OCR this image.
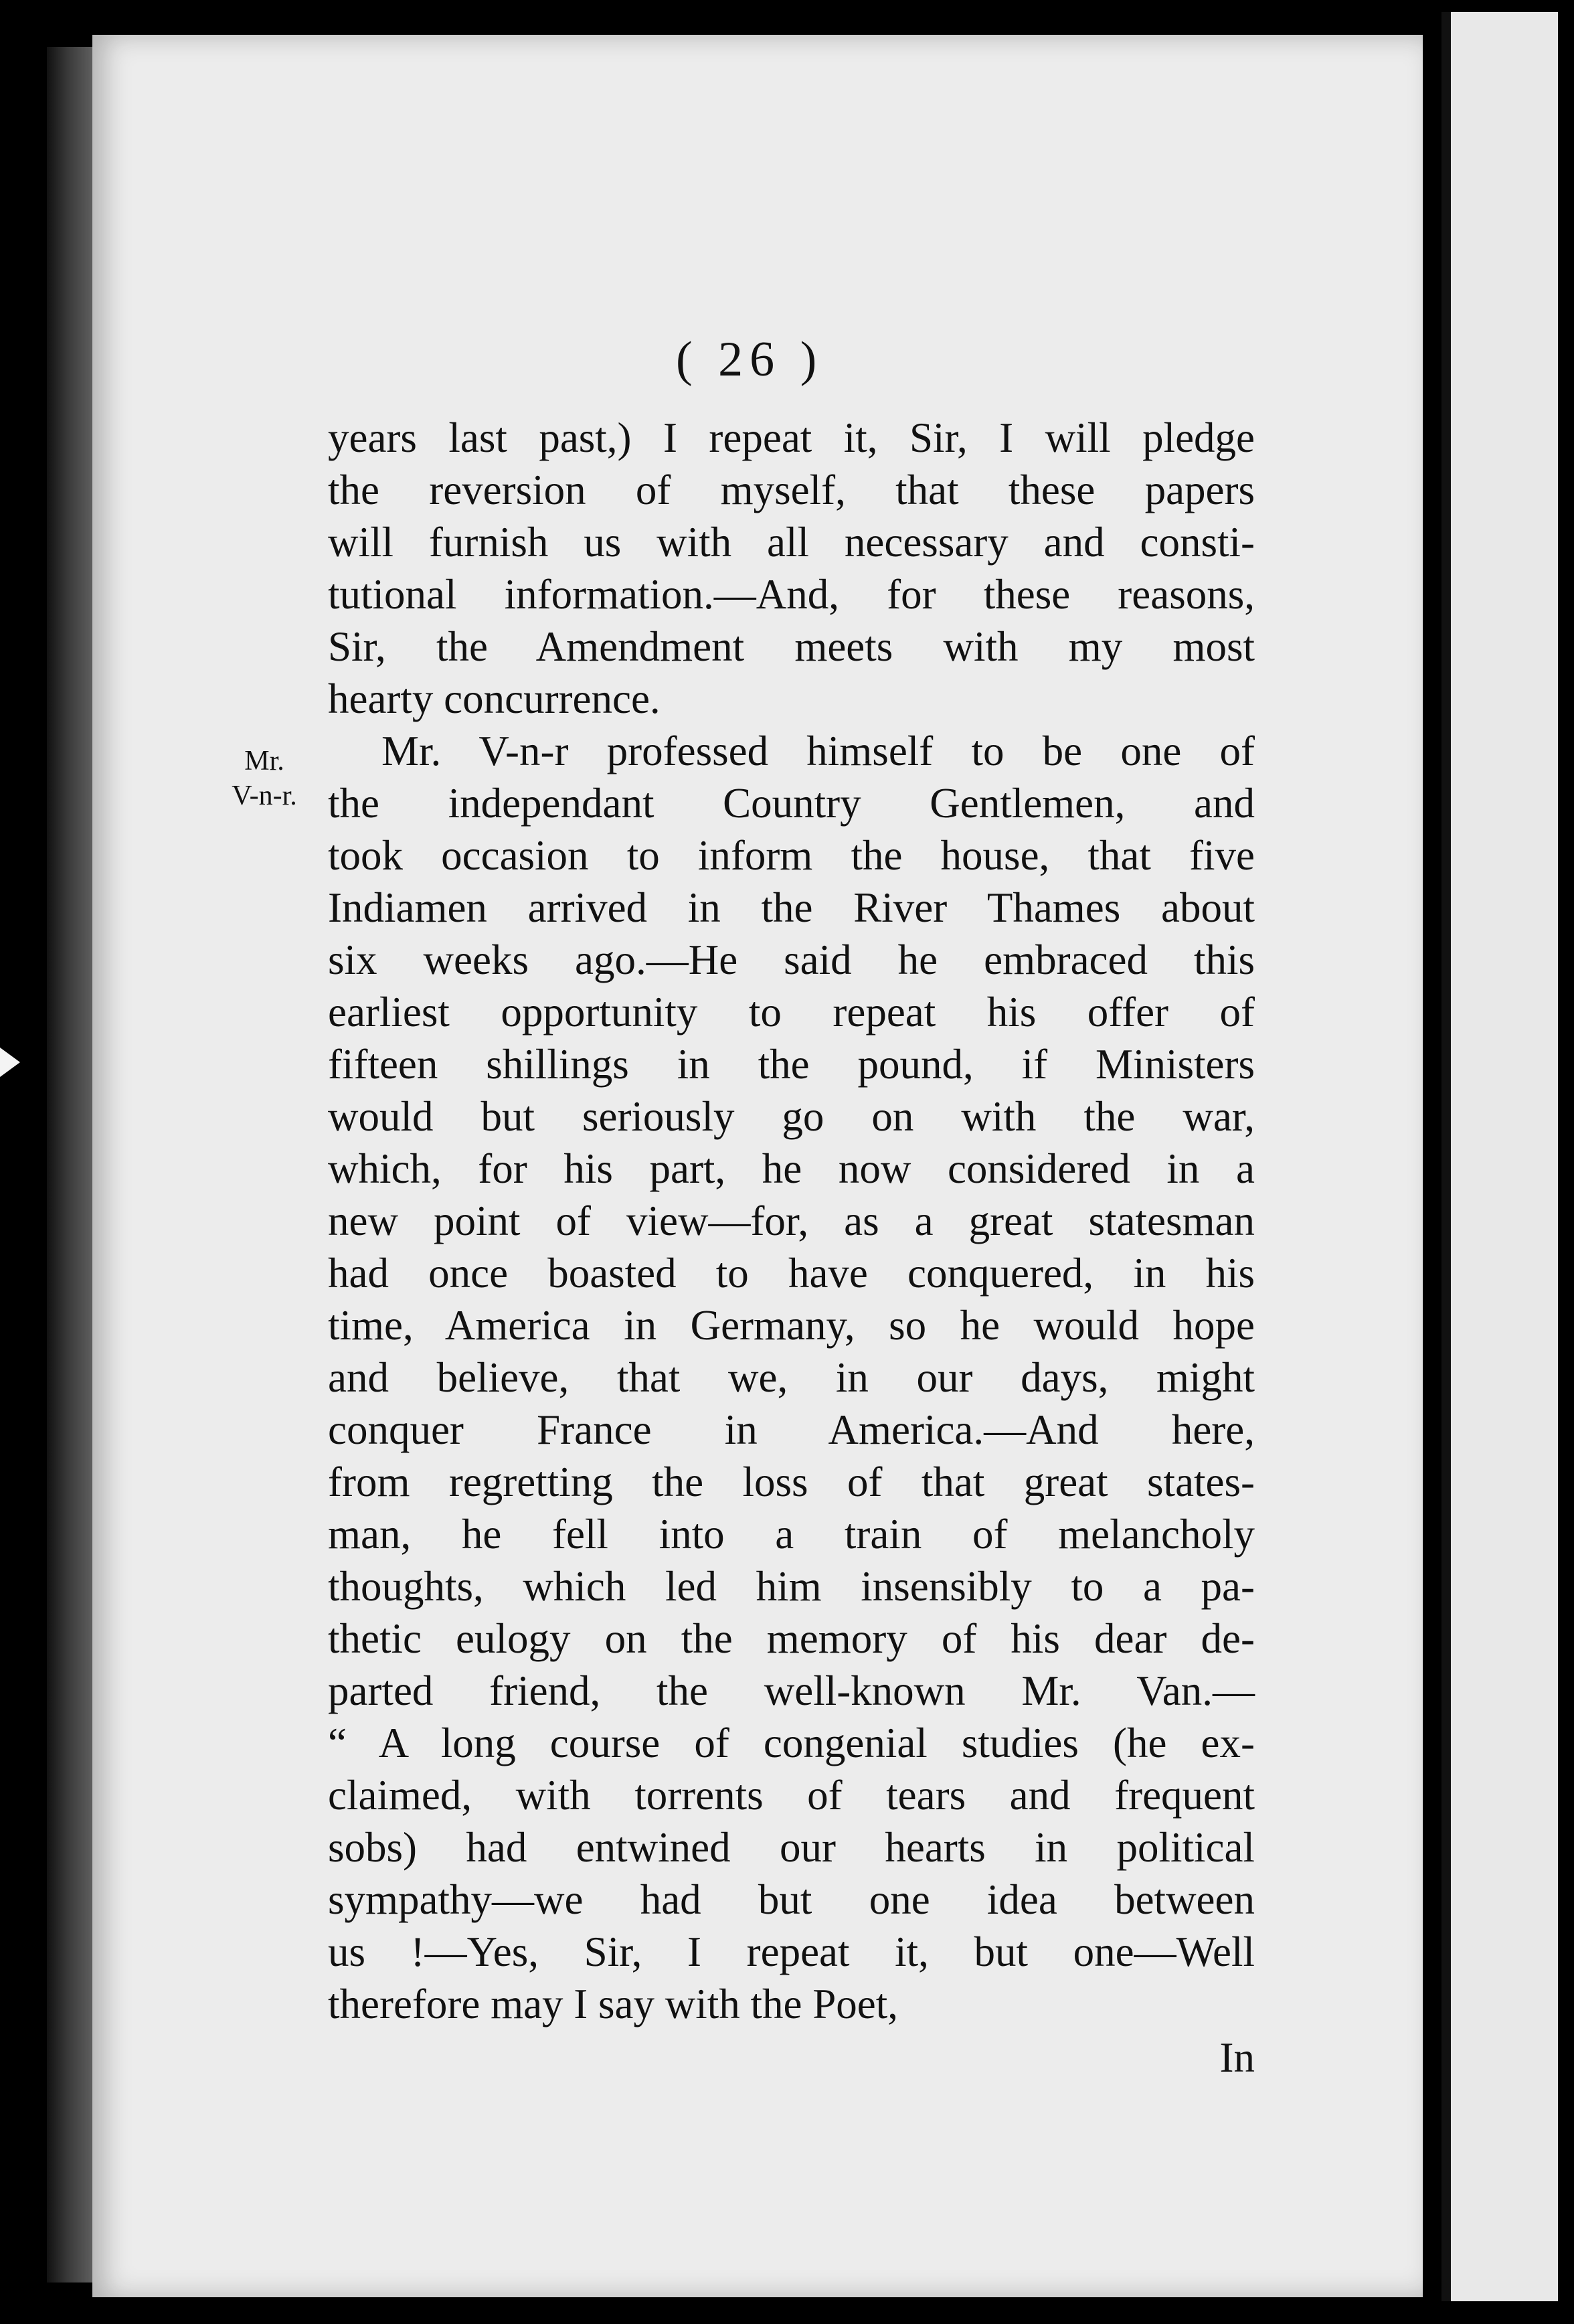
( 26 )
Mr.
V-n-r.
years last past,) I repeat it, Sir, I will pledge
the reversion of myself, that these papers
will furnish us with all necessary and consti-
tutional information.—And, for these reasons,
Sir, the Amendment meets with my most
hearty concurrence.
Mr. V-n-r professed himself to be one of
the independant Country Gentlemen, and
took occasion to inform the house, that five
Indiamen arrived in the River Thames about
six weeks ago.—He said he embraced this
earliest opportunity to repeat his offer of
fifteen shillings in the pound, if Ministers
would but seriously go on with the war,
which, for his part, he now considered in a
new point of view—for, as a great statesman
had once boasted to have conquered, in his
time, America in Germany, so he would hope
and believe, that we, in our days, might
conquer France in America.—And here,
from regretting the loss of that great states-
man, he fell into a train of melancholy
thoughts, which led him insensibly to a pa-
thetic eulogy on the memory of his dear de-
parted friend, the well-known Mr. Van.—
“ A long course of congenial studies (he ex-
claimed, with torrents of tears and frequent
sobs) had entwined our hearts in political
sympathy—we had but one idea between
us !—Yes, Sir, I repeat it, but one—Well
therefore may I say with the Poet,
In
